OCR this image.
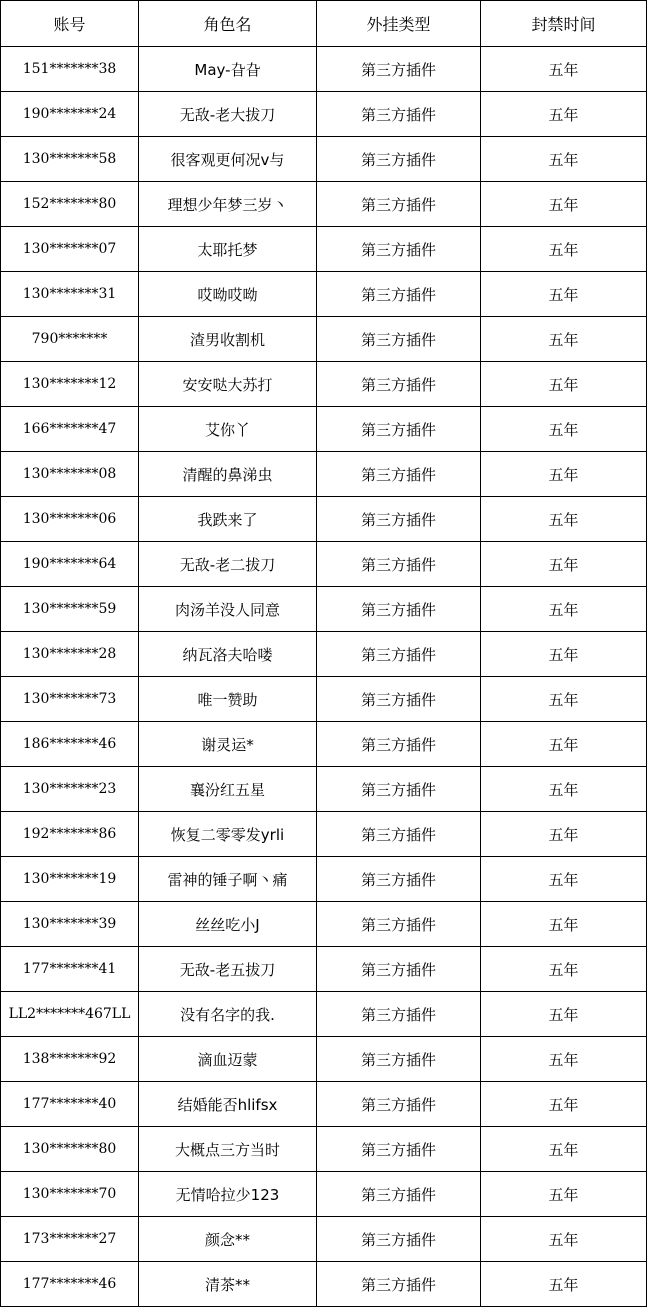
账号	角色名	外挂类型	封禁时间
151*******38	May-旮旮	第三方插件	五年
190*******24	无敌-老大拔刀	第三方插件	五年
130*******58	很客观更何况v与	第三方插件	五年
152*******80	理想少年梦三岁丶	第三方插件	五年
130*******07	太耶托梦	第三方插件	五年
130*******31	哎呦哎呦	第三方插件	五年
790*******	渣男收割机	第三方插件	五年
130*******12	安安哒大苏打	第三方插件	五年
166*******47	艾你丫	第三方插件	五年
130*******08	清醒的鼻涕虫	第三方插件	五年
130*******06	我跌来了	第三方插件	五年
190*******64	无敌-老二拔刀	第三方插件	五年
130*******59	肉汤羊没人同意	第三方插件	五年
130*******28	纳瓦洛夫哈喽	第三方插件	五年
130*******73	唯一赞助	第三方插件	五年
186*******46	谢灵运*	第三方插件	五年
130*******23	襄汾红五星	第三方插件	五年
192*******86	恢复二零零发yrli	第三方插件	五年
130*******19	雷神的锤子啊丶痛	第三方插件	五年
130*******39	丝丝吃小J	第三方插件	五年
177*******41	无敌-老五拔刀	第三方插件	五年
LL2*******467LL	没有名字的我.	第三方插件	五年
138*******92	滴血迈蒙	第三方插件	五年
177*******40	结婚能否hlifsx	第三方插件	五年
130*******80	大概点三方当时	第三方插件	五年
130*******70	无情哈拉少123	第三方插件	五年
173*******27	颜念**	第三方插件	五年
177*******46	清茶**	第三方插件	五年
